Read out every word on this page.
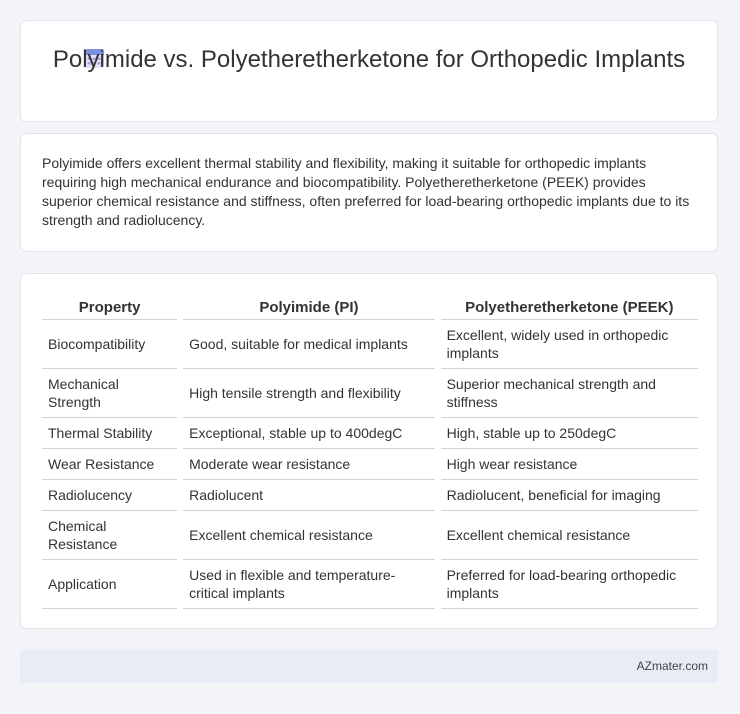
Polyimide vs. Polyetheretherketone for Orthopedic Implants

Polyimide offers excellent thermal stability and flexibility, making it suitable for orthopedic implants requiring high mechanical endurance and biocompatibility. Polyetheretherketone (PEEK) provides superior chemical resistance and stiffness, often preferred for load-bearing orthopedic implants due to its strength and radiolucency.

Property		Polyimide (PI)		Polyetheretherketone (PEEK)
Biocompatibility		Good, suitable for medical implants		Excellent, widely used in orthopedic implants
Mechanical Strength		High tensile strength and flexibility		Superior mechanical strength and stiffness
Thermal Stability		Exceptional, stable up to 400degC		High, stable up to 250degC
Wear Resistance		Moderate wear resistance		High wear resistance
Radiolucency		Radiolucent		Radiolucent, beneficial for imaging
Chemical Resistance		Excellent chemical resistance		Excellent chemical resistance
Application		Used in flexible and temperature-critical implants		Preferred for load-bearing orthopedic implants
AZmater.com
